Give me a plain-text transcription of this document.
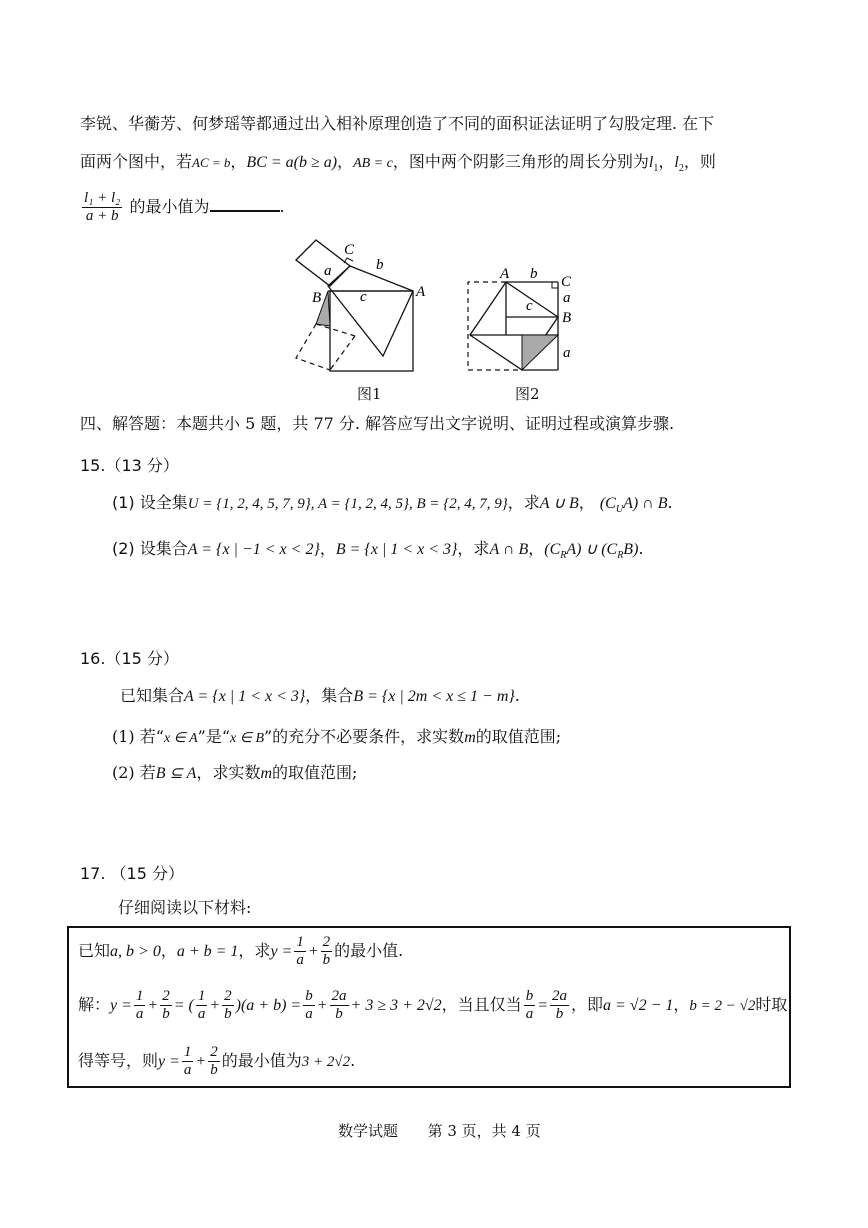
李锐、华蘅芳、何梦瑶等都通过出入相补原理创造了不同的面积证法证明了勾股定理. 在下
面两个图中，若AC = b，BC = a(b ≥ a)，AB = c，图中两个阴影三角形的周长分别为$l_1$，$l_2$，则
$\frac{\text{l₁ + l₂}}{a + b}$ 的最小值为	.
C
a	b
B	c	A
图1
A b C
a
B
c
a
图2
四、解答题：本题共小 5 题，共 77 分. 解答应写出文字说明、证明过程或演算步骤.
15.（13 分）
(1) 设全集U = {1, 2, 4, 5, 7, 9}, A = {1, 2, 4, 5}, B = {2, 4, 7, 9}，求A ∪ B， $(C_UA)$ ∩ B.
(2) 设集合A = {x | −1 < x < 2}，B = {x | 1 < x < 3}，求A ∩ B，$(C_RA)$ ∪ $(C_RB)$.
16.（15 分）
已知集合A = {x | 1 < x < 3}，集合B = {x | 2m < x ≤ 1 − m}.
(1) 若“x ∈ A”是“x ∈ B”的充分不必要条件，求实数m的取值范围;
(2) 若B ⊆ A，求实数m的取值范围;
17. （15 分）
仔细阅读以下材料:
已知a, b > 0，a + b = 1，求$y = \frac{1}{a} + \frac{2}{b}$ 的最小值.
解：$y = \frac{1}{a} + \frac{2}{b}$ = ( $\frac{1}{a} + \frac{2}{b} )(a + b) = \frac{b}{a} + \frac{2a}{b} + 3 \ge 3 + 2√2$，当且仅当 $\frac{b}{a} = \frac{2a}{b}$ ，即a = √2 − 1，b = 2 − √2时取
得等号，则$y = \frac{1}{a} + \frac{2}{b}$ 的最小值为3 + 2√2.
数学试题 第 3 页，共 4 页
